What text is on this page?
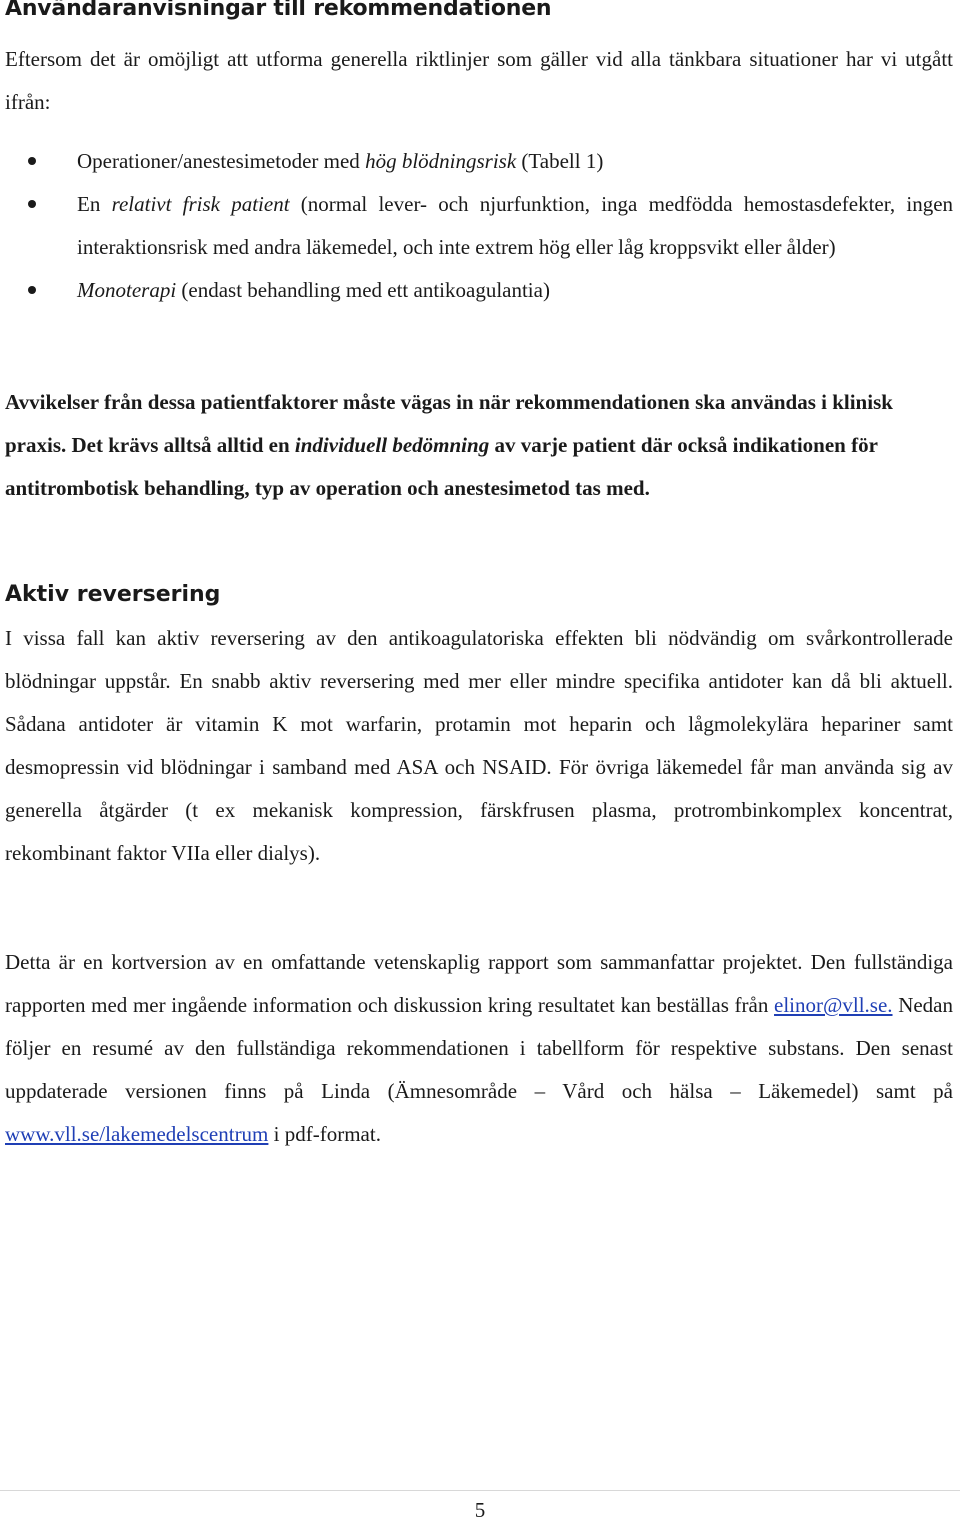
Användaranvisningar till rekommendationen

Eftersom det är omöjligt att utforma generella riktlinjer som gäller vid alla tänkbara situationer har vi utgått ifrån:

Operationer/anestesimetoder med hög blödningsrisk (Tabell 1)
En relativt frisk patient (normal lever- och njurfunktion, inga medfödda hemostasdefekter, ingen interaktionsrisk med andra läkemedel, och inte extrem hög eller låg kroppsvikt eller ålder)
Monoterapi (endast behandling med ett antikoagulantia)

Avvikelser från dessa patientfaktorer måste vägas in när rekommendationen ska användas i klinisk praxis. Det krävs alltså alltid en individuell bedömning av varje patient där också indikationen för antitrombotisk behandling, typ av operation och anestesimetod tas med.

Aktiv reversering

I vissa fall kan aktiv reversering av den antikoagulatoriska effekten bli nödvändig om svårkontrollerade blödningar uppstår. En snabb aktiv reversering med mer eller mindre specifika antidoter kan då bli aktuell. Sådana antidoter är vitamin K mot warfarin, protamin mot heparin och lågmolekylära hepariner samt desmopressin vid blödningar i samband med ASA och NSAID. För övriga läkemedel får man använda sig av generella åtgärder (t ex mekanisk kompression, färskfrusen plasma, protrombinkomplex koncentrat, rekombinant faktor VIIa eller dialys).

Detta är en kortversion av en omfattande vetenskaplig rapport som sammanfattar projektet. Den fullständiga rapporten med mer ingående information och diskussion kring resultatet kan beställas från elinor@vll.se. Nedan följer en resumé av den fullständiga rekommendationen i tabellform för respektive substans. Den senast uppdaterade versionen finns på Linda (Ämnesområde – Vård och hälsa – Läkemedel) samt på www.vll.se/lakemedelscentrum i pdf-format.

5
